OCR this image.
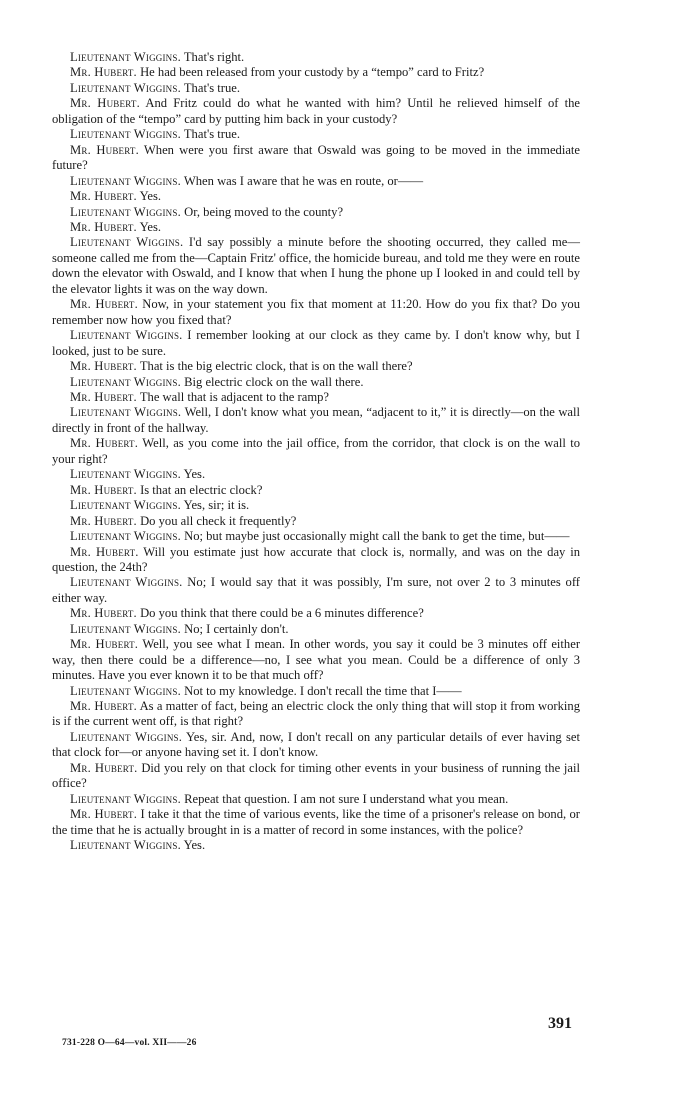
Lieutenant Wiggins. That's right.

Mr. Hubert. He had been released from your custody by a “tempo” card to Fritz?

Lieutenant Wiggins. That's true.

Mr. Hubert. And Fritz could do what he wanted with him? Until he relieved himself of the obligation of the “tempo” card by putting him back in your custody?

Lieutenant Wiggins. That's true.

Mr. Hubert. When were you first aware that Oswald was going to be moved in the immediate future?

Lieutenant Wiggins. When was I aware that he was en route, or——

Mr. Hubert. Yes.

Lieutenant Wiggins. Or, being moved to the county?

Mr. Hubert. Yes.

Lieutenant Wiggins. I'd say possibly a minute before the shooting occurred, they called me—someone called me from the—Captain Fritz' office, the homicide bureau, and told me they were en route down the elevator with Oswald, and I know that when I hung the phone up I looked in and could tell by the elevator lights it was on the way down.

Mr. Hubert. Now, in your statement you fix that moment at 11:20. How do you fix that? Do you remember now how you fixed that?

Lieutenant Wiggins. I remember looking at our clock as they came by. I don't know why, but I looked, just to be sure.

Mr. Hubert. That is the big electric clock, that is on the wall there?

Lieutenant Wiggins. Big electric clock on the wall there.

Mr. Hubert. The wall that is adjacent to the ramp?

Lieutenant Wiggins. Well, I don't know what you mean, “adjacent to it,” it is directly—on the wall directly in front of the hallway.

Mr. Hubert. Well, as you come into the jail office, from the corridor, that clock is on the wall to your right?

Lieutenant Wiggins. Yes.

Mr. Hubert. Is that an electric clock?

Lieutenant Wiggins. Yes, sir; it is.

Mr. Hubert. Do you all check it frequently?

Lieutenant Wiggins. No; but maybe just occasionally might call the bank to get the time, but——

Mr. Hubert. Will you estimate just how accurate that clock is, normally, and was on the day in question, the 24th?

Lieutenant Wiggins. No; I would say that it was possibly, I'm sure, not over 2 to 3 minutes off either way.

Mr. Hubert. Do you think that there could be a 6 minutes difference?

Lieutenant Wiggins. No; I certainly don't.

Mr. Hubert. Well, you see what I mean. In other words, you say it could be 3 minutes off either way, then there could be a difference—no, I see what you mean. Could be a difference of only 3 minutes. Have you ever known it to be that much off?

Lieutenant Wiggins. Not to my knowledge. I don't recall the time that I——

Mr. Hubert. As a matter of fact, being an electric clock the only thing that will stop it from working is if the current went off, is that right?

Lieutenant Wiggins. Yes, sir. And, now, I don't recall on any particular details of ever having set that clock for—or anyone having set it. I don't know.

Mr. Hubert. Did you rely on that clock for timing other events in your business of running the jail office?

Lieutenant Wiggins. Repeat that question. I am not sure I understand what you mean.

Mr. Hubert. I take it that the time of various events, like the time of a prisoner's release on bond, or the time that he is actually brought in is a matter of record in some instances, with the police?

Lieutenant Wiggins. Yes.

391
731-228 O—64—vol. XII——26
